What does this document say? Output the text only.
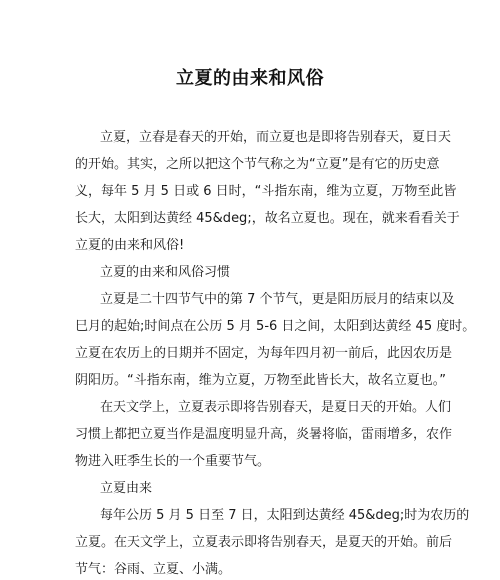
立夏的由来和风俗
立夏，立春是春天的开始，而立夏也是即将告别春天，夏日天
的开始。其实，之所以把这个节气称之为“立夏”是有它的历史意
义，每年 5 月 5 日或 6 日时，“斗指东南，维为立夏，万物至此皆
长大，太阳到达黄经 45&deg;，故名立夏也。现在，就来看看关于
立夏的由来和风俗!
立夏的由来和风俗习惯
立夏是二十四节气中的第 7 个节气，更是阳历辰月的结束以及
巳月的起始;时间点在公历 5 月 5-6 日之间，太阳到达黄经 45 度时。
立夏在农历上的日期并不固定，为每年四月初一前后，此因农历是
阴阳历。“斗指东南，维为立夏，万物至此皆长大，故名立夏也。”
在天文学上，立夏表示即将告别春天，是夏日天的开始。人们
习惯上都把立夏当作是温度明显升高，炎暑将临，雷雨增多，农作
物进入旺季生长的一个重要节气。
立夏由来
每年公历 5 月 5 日至 7 日，太阳到达黄经 45&deg;时为农历的
立夏。在天文学上，立夏表示即将告别春天，是夏天的开始。前后
节气：谷雨、立夏、小满。
